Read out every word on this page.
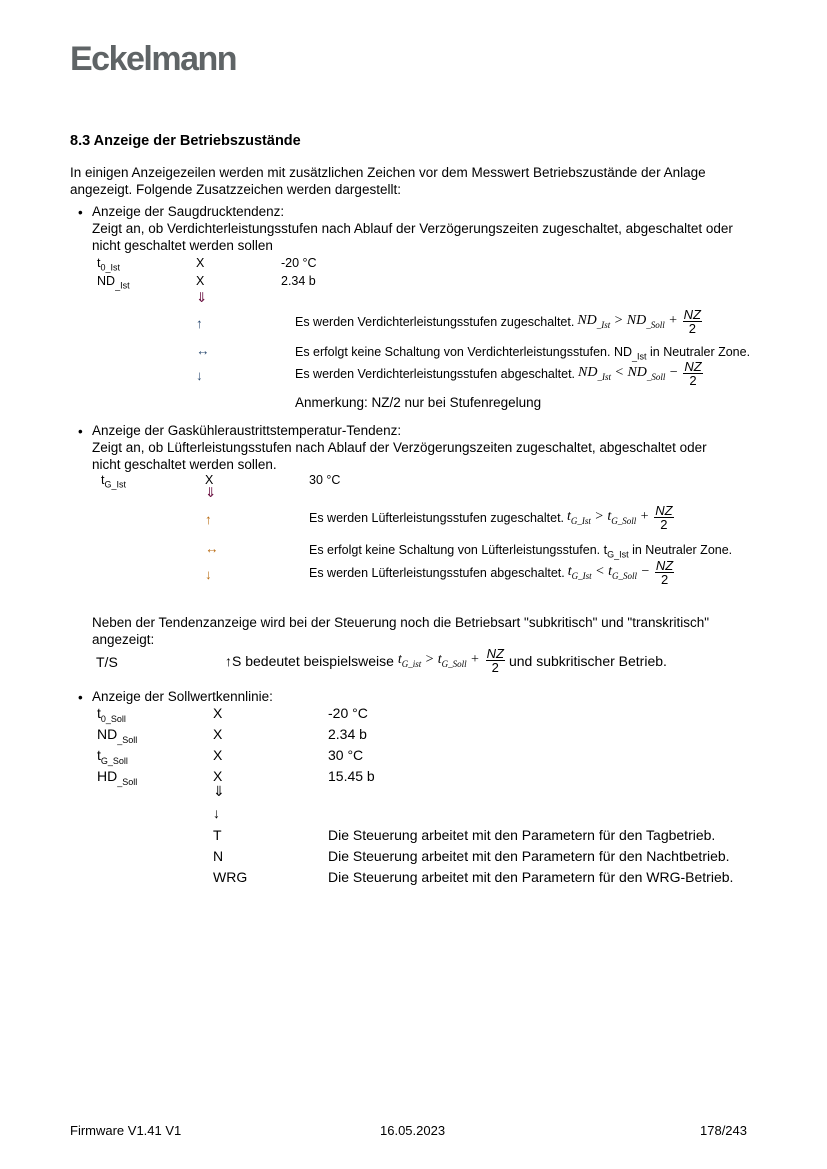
Eckelmann
8.3 Anzeige der Betriebszustände
In einigen Anzeigezeilen werden mit zusätzlichen Zeichen vor dem Messwert Betriebszustände der Anlage
angezeigt. Folgende Zusatzzeichen werden dargestellt:
• Anzeige der Saugdrucktendenz:
Zeigt an, ob Verdichterleistungsstufen nach Ablauf der Verzögerungszeiten zugeschaltet, abgeschaltet oder
nicht geschaltet werden sollen
⇓
• Anzeige der Gaskühleraustrittstemperatur-Tendenz:
Zeigt an, ob Lüfterleistungsstufen nach Ablauf der Verzögerungszeiten zugeschaltet, abgeschaltet oder
nicht geschaltet werden sollen.
⇓
Neben der Tendenzanzeige wird bei der Steuerung noch die Betriebsart "subkritisch" und "transkritisch"
angezeigt:
T/S	↑S bedeutet beispielsweise $t_{G\_ist} > t_{G\_Soll} + \frac{NZ}{2}$ und subkritischer Betrieb.
• Anzeige der Sollwertkennlinie:
⇓
↓
Firmware V1.41 V1	16.05.2023	178/243
$t_{0\_Ist}$	X	-20 °C
$ND_{\_Ist}$	X	2.34 b
$t_{G\_Ist}$	X	30 °C
$t_{0\_Soll}$	X	-20 °C
$ND_{\_Soll}$	X	2.34 b
$t_{G\_Soll}$	X	30 °C
$HD_{\_Soll}$	X	15.45 b
↑	Es werden Verdichterleistungsstufen zugeschaltet. $ND_{\_Ist} > ND_{\_Soll} + \frac{NZ}{2}$
↔	Es erfolgt keine Schaltung von Verdichterleistungsstufen. $ND_{\_Ist}$ in Neutraler Zone.
↓	Es werden Verdichterleistungsstufen abgeschaltet. $ND_{\_Ist} < ND_{\_Soll} - \frac{NZ}{2}$
Anmerkung: NZ/2 nur bei Stufenregelung
↑	Es werden Lüfterleistungsstufen zugeschaltet. $t_{G\_Ist} > t_{G\_Soll} + \frac{NZ}{2}$
↔	Es erfolgt keine Schaltung von Lüfterleistungsstufen. $t_{G\_Ist}$ in Neutraler Zone.
↓	Es werden Lüfterleistungsstufen abgeschaltet. $t_{G\_Ist} < t_{G\_Soll} - \frac{NZ}{2}$
T	Die Steuerung arbeitet mit den Parametern für den Tagbetrieb.
N	Die Steuerung arbeitet mit den Parametern für den Nachtbetrieb.
WRG	Die Steuerung arbeitet mit den Parametern für den WRG-Betrieb.
